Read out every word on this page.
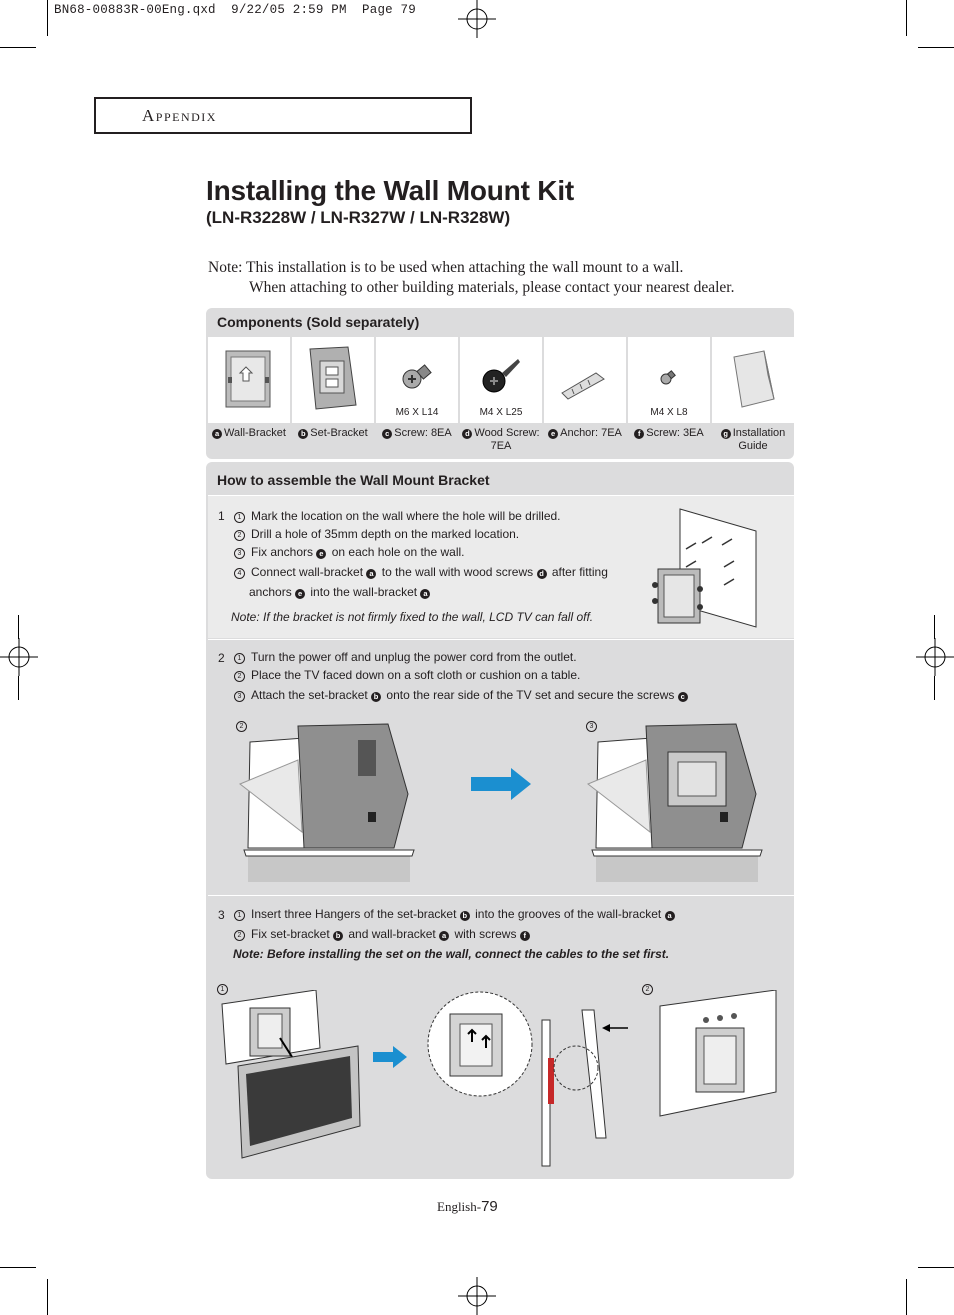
BN68-00883R-00Eng.qxd  9/22/05 2:59 PM  Page 79
Appendix
Installing the Wall Mount Kit
(LN-R3228W / LN-R327W / LN-R328W)
Note: This installation is to be used when attaching the wall mount to a wall.
When attaching to other building materials, please contact your nearest dealer.
Components (Sold separately)
M6 X L14	M4 X L25	M4 X L8
a Wall-Bracket	b Set-Bracket	c Screw: 8EA	d Wood Screw: 7EA
e Anchor: 7EA	f Screw: 3EA	g Installation Guide
How to assemble the Wall Mount Bracket
1	1 Mark the location on the wall where the hole will be drilled.
2 Drill a hole of 35mm depth on the marked location.
3 Fix anchors e on each hole on the wall.
4 Connect wall-bracket a to the wall with wood screws d after fitting
anchors e into the wall-bracket a
Note: If the bracket is not firmly fixed to the wall, LCD TV can fall off.
2	1 Turn the power off and unplug the power cord from the outlet.
2 Place the TV faced down on a soft cloth or cushion on a table.
3 Attach the set-bracket b onto the rear side of the TV set and secure the screws c
2	3
3	1 Insert three Hangers of the set-bracket b into the grooves of the wall-bracket a
2 Fix set-bracket b and wall-bracket a with screws f
Note: Before installing the set on the wall, connect the cables to the set first.
1	2
English-79
